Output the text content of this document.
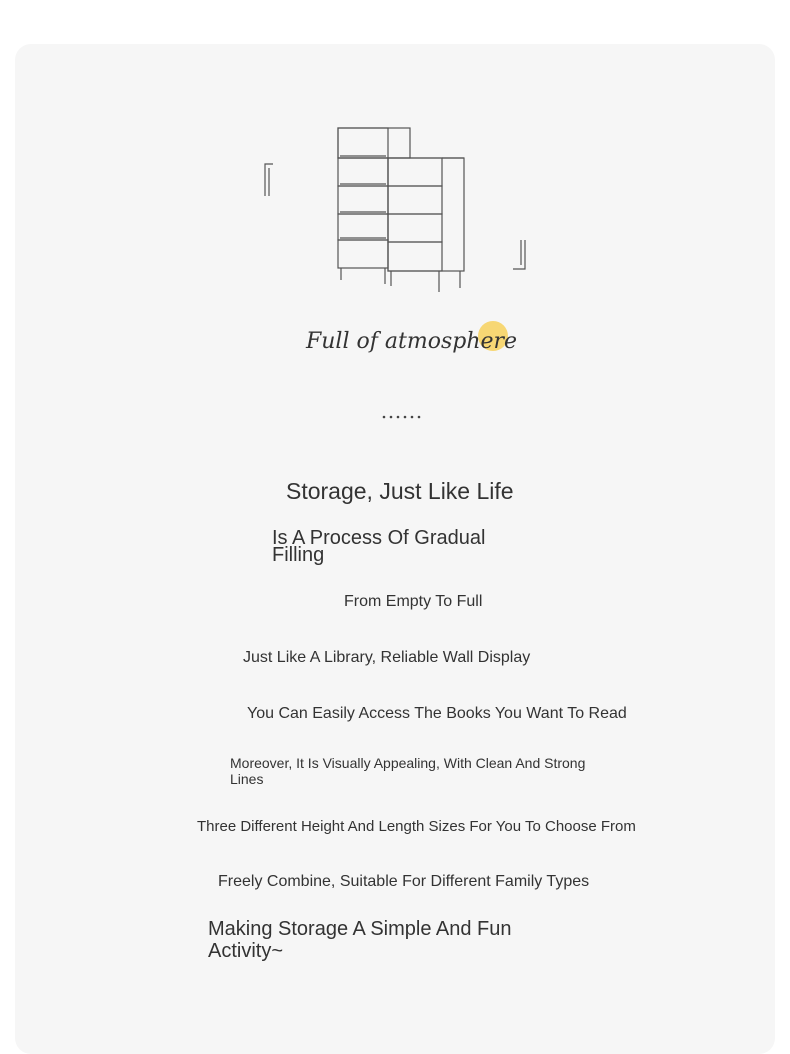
Full of atmosphere

Storage, Just Like Life

Is A Process Of Gradual Filling

From Empty To Full

Just Like A Library, Reliable Wall Display

You Can Easily Access The Books You Want To Read

Moreover, It Is Visually Appealing, With Clean And Strong Lines

Three Different Height And Length Sizes For You To Choose From

Freely Combine, Suitable For Different Family Types

Making Storage A Simple And Fun Activity~
